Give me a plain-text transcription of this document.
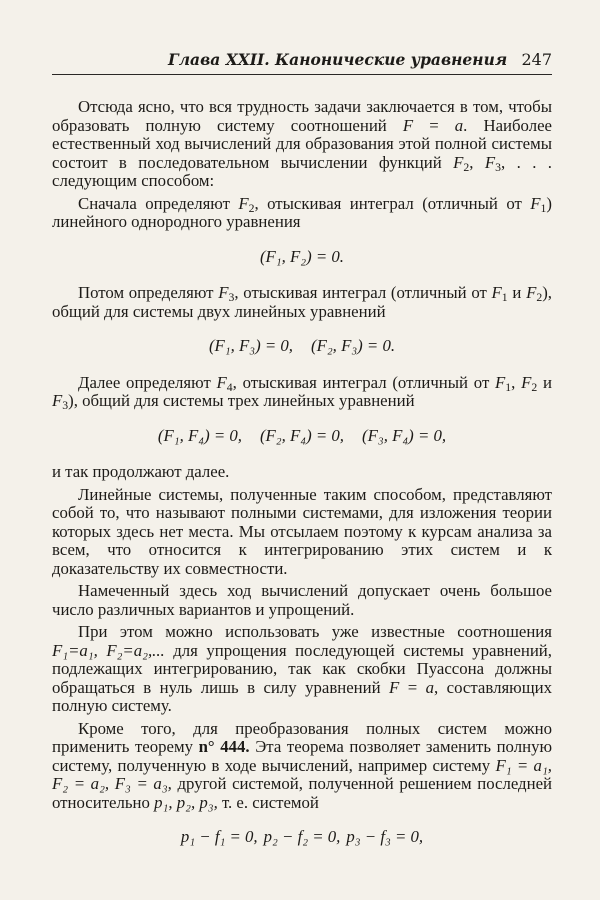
Глава XXII. Канонические уравнения 247

Отсюда ясно, что вся трудность задачи заключается в том, чтобы образовать полную систему соотношений F = a. Наиболее естественный ход вычислений для образования этой полной системы состоит в последовательном вычислении функций $F_2$, $F_3$, . . . следующим способом:

Сначала определяют $F_2$, отыскивая интеграл (отличный от $F_1$) линейного однородного уравнения

(F₁, F₂) = 0.

Потом определяют $F_3$, отыскивая интеграл (отличный от $F_1$ и $F_2$), общий для системы двух линейных уравнений

(F₁, F₃) = 0, (F₂, F₃) = 0.

Далее определяют $F_4$, отыскивая интеграл (отличный от $F_1$, $F_2$ и $F_3$), общий для системы трех линейных уравнений

(F₁, F₄) = 0, (F₂, F₄) = 0, (F₃, F₄) = 0,

и так продолжают далее.

Линейные системы, полученные таким способом, представляют собой то, что называют полными системами, для изложения теории которых здесь нет места. Мы отсылаем поэтому к курсам анализа за всем, что относится к интегрированию этих систем и к доказательству их совместности.

Намеченный здесь ход вычислений допускает очень большое число различных вариантов и упрощений.

При этом можно использовать уже известные соотношения F₁=a₁, F₂=a₂,... для упрощения последующей системы уравнений, подлежащих интегрированию, так как скобки Пуассона должны обращаться в нуль лишь в силу уравнений F = a, составляющих полную систему.

Кроме того, для преобразования полных систем можно применить теорему n° 444. Эта теорема позволяет заменить полную систему, полученную в ходе вычислений, например систему F₁ = a₁, F₂ = a₂, F₃ = a₃, другой системой, полученной решением последней относительно p₁, p₂, p₃, т. е. системой

p₁ − f₁ = 0, p₂ − f₂ = 0, p₃ − f₃ = 0,
